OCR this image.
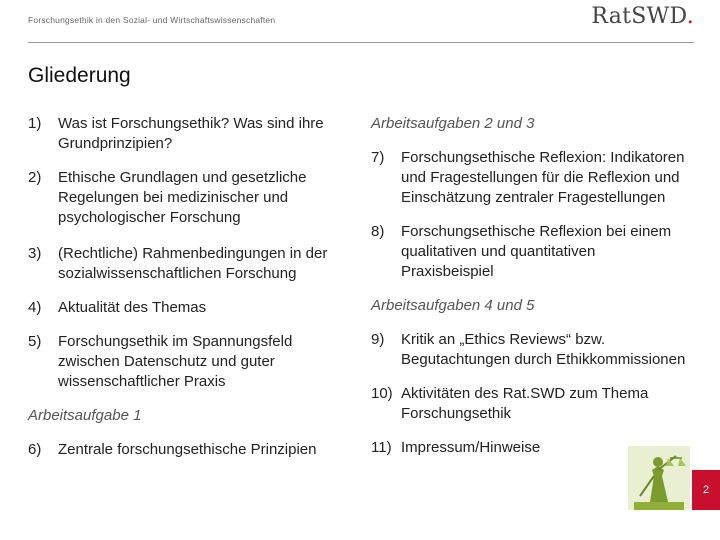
Forschungsethik in den Sozial- und Wirtschaftswissenschaften	RatSWD.
Gliederung
1)	Was ist Forschungsethik? Was sind ihre Grundprinzipien?
2)	Ethische Grundlagen und gesetzliche Regelungen bei medizinischer und psychologischer Forschung
3)	(Rechtliche) Rahmenbedingungen in der sozialwissenschaftlichen Forschung
4)	Aktualität des Themas
5)	Forschungsethik im Spannungsfeld zwischen Datenschutz und guter wissenschaftlicher Praxis
Arbeitsaufgabe 1
6)	Zentrale forschungsethische Prinzipien
Arbeitsaufgaben 2 und 3
7)	Forschungsethische Reflexion: Indikatoren und Fragestellungen für die Reflexion und Einschätzung zentraler Fragestellungen
8)	Forschungsethische Reflexion bei einem qualitativen und quantitativen Praxisbeispiel
Arbeitsaufgaben 4 und 5
9)	Kritik an „Ethics Reviews“ bzw. Begutachtungen durch Ethikkommissionen
10) Aktivitäten des Rat.SWD zum Thema Forschungsethik
11) Impressum/Hinweise
2
